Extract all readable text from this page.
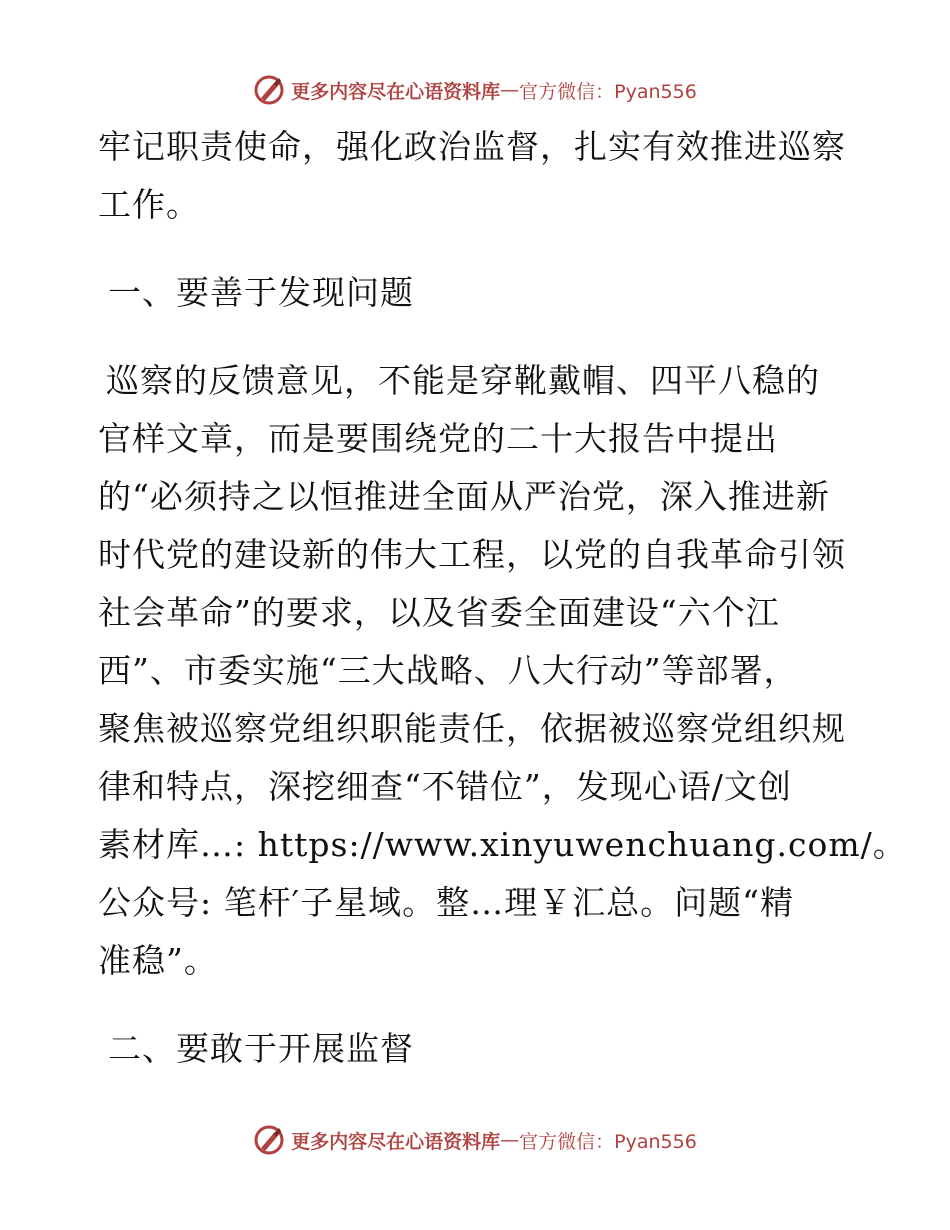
更多内容尽在心语资料库 — 官方微信：Pyan556
牢记职责使命，强化政治监督，扎实有效推进巡察
工作。
一、要善于发现问题
巡察的反馈意见，不能是穿靴戴帽、四平八稳的
官样文章，而是要围绕党的二十大报告中提出
的“必须持之以恒推进全面从严治党，深入推进新
时代党的建设新的伟大工程，以党的自我革命引领
社会革命”的要求，以及省委全面建设“六个江
西”、市委实施“三大战略、八大行动”等部署，
聚焦被巡察党组织职能责任，依据被巡察党组织规
律和特点，深挖细查“不错位”，发现心语/文创
素材库…: https://www.xinyuwenchuang.com/。
公众号: 笔杆′子星域。整…理￥汇总。问题“精
准稳”。
二、要敢于开展监督
更多内容尽在心语资料库 — 官方微信：Pyan556
